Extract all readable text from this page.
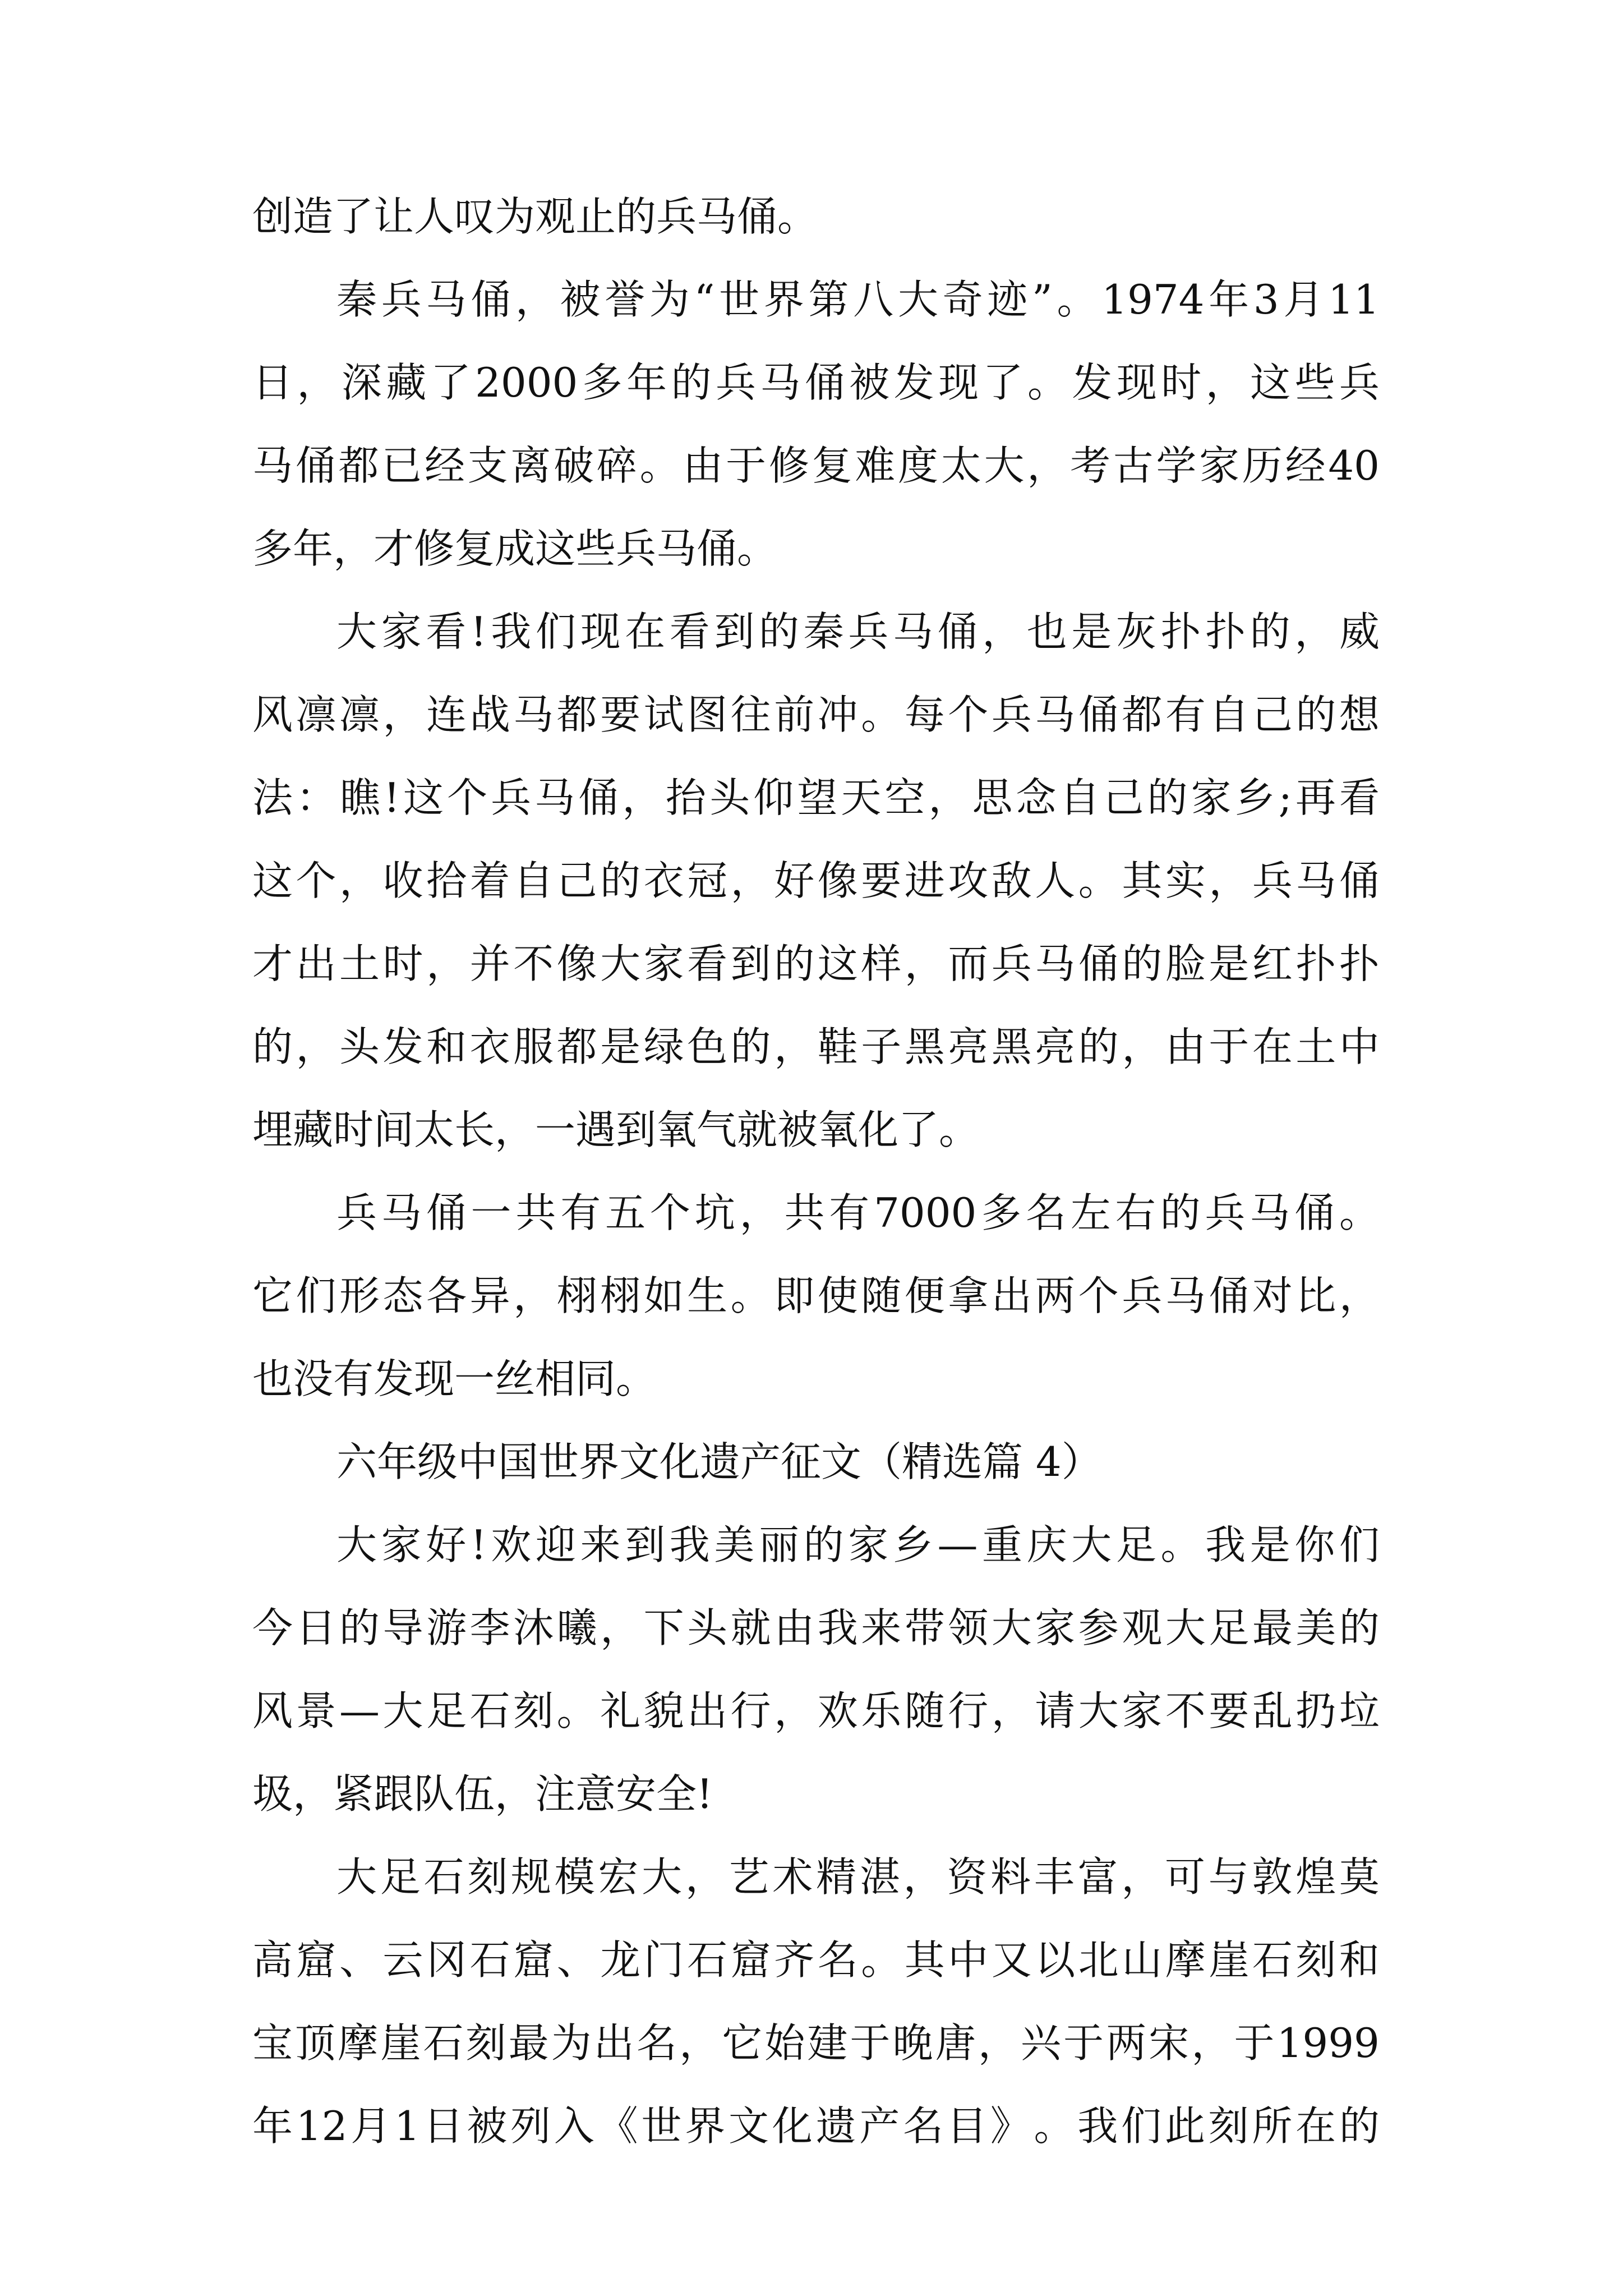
创造了让人叹为观止的兵马俑。
秦 兵 马 俑 ， 被 誉 为 “ 世 界 第 八 大 奇 迹 ” 。 1974 年 3 月 11
日 ， 深 藏 了 2000 多 年 的 兵 马 俑 被 发 现 了 。 发 现 时 ， 这 些 兵
马 俑 都 已 经 支 离 破 碎 。 由 于 修 复 难 度 太 大 ， 考 古 学 家 历 经 40
多年，才修复成这些兵马俑。
大 家 看 ! 我 们 现 在 看 到 的 秦 兵 马 俑 ， 也 是 灰 扑 扑 的 ， 威
风 凛 凛 ， 连 战 马 都 要 试 图 往 前 冲 。 每 个 兵 马 俑 都 有 自 己 的 想
法 ： 瞧 ! 这 个 兵 马 俑 ， 抬 头 仰 望 天 空 ， 思 念 自 己 的 家 乡 ; 再 看
这 个 ， 收 拾 着 自 己 的 衣 冠 ， 好 像 要 进 攻 敌 人 。 其 实 ， 兵 马 俑
才 出 土 时 ， 并 不 像 大 家 看 到 的 这 样 ， 而 兵 马 俑 的 脸 是 红 扑 扑
的 ， 头 发 和 衣 服 都 是 绿 色 的 ， 鞋 子 黑 亮 黑 亮 的 ， 由 于 在 土 中
埋藏时间太长，一遇到氧气就被氧化了。
兵 马 俑 一 共 有 五 个 坑 ， 共 有 7000 多 名 左 右 的 兵 马 俑 。
它 们 形 态 各 异 ， 栩 栩 如 生 。 即 使 随 便 拿 出 两 个 兵 马 俑 对 比 ，
也没有发现一丝相同。
六年级中国世界文化遗产征文（精选篇 4）
大 家 好 ! 欢 迎 来 到 我 美 丽 的 家 乡 — 重 庆 大 足 。 我 是 你 们
今 日 的 导 游 李 沐 曦 ， 下 头 就 由 我 来 带 领 大 家 参 观 大 足 最 美 的
风 景 — 大 足 石 刻 。 礼 貌 出 行 ， 欢 乐 随 行 ， 请 大 家 不 要 乱 扔 垃
圾，紧跟队伍，注意安全!
大 足 石 刻 规 模 宏 大 ， 艺 术 精 湛 ， 资 料 丰 富 ， 可 与 敦 煌 莫
高 窟 、 云 冈 石 窟 、 龙 门 石 窟 齐 名 。 其 中 又 以 北 山 摩 崖 石 刻 和
宝 顶 摩 崖 石 刻 最 为 出 名 ， 它 始 建 于 晚 唐 ， 兴 于 两 宋 ， 于 1999
年 12 月 1 日 被 列 入 《 世 界 文 化 遗 产 名 目 》 。 我 们 此 刻 所 在 的
